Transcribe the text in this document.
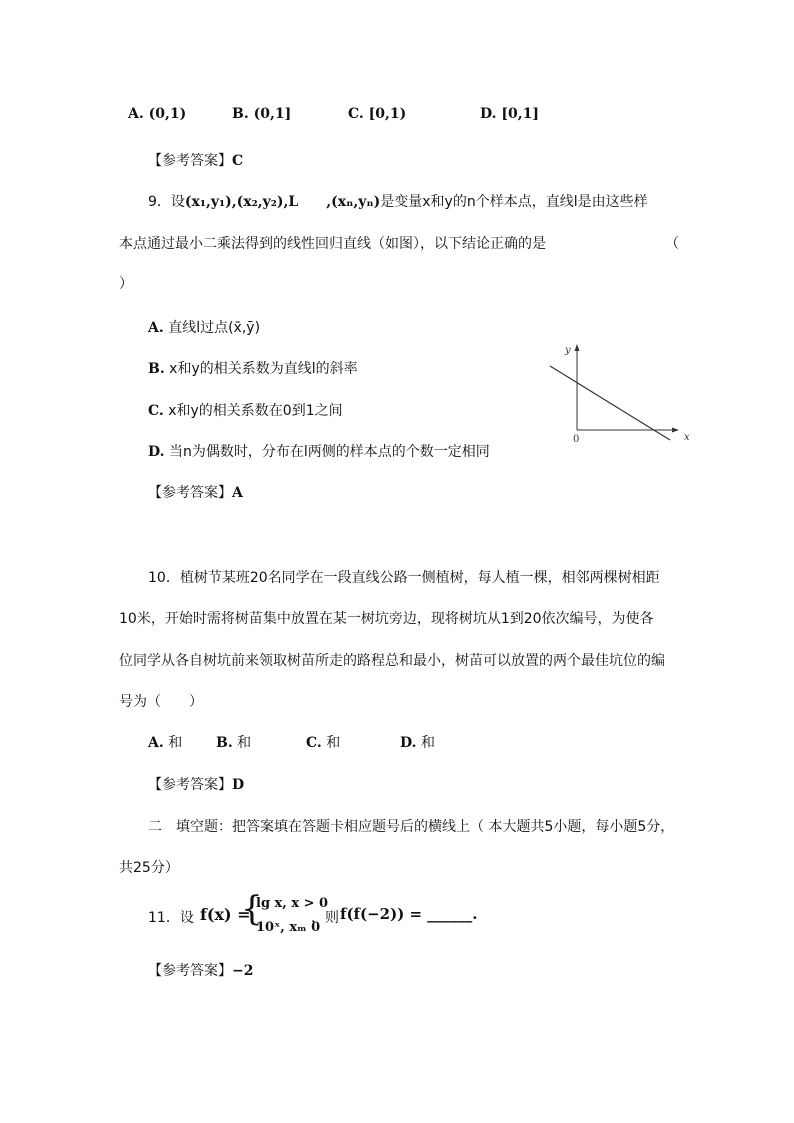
A. (0,1)	B. (0,1]	C. [0,1)	D. [0,1]
【参考答案】C
9．设(x₁,y₁),(x₂,y₂),L　　,(xₙ,yₙ)是变量x和y的n个样本点，直线l是由这些样
本点通过最小二乘法得到的线性回归直线（如图），以下结论正确的是	（
）
A. 直线l过点(x̄,ȳ)
B. x和y的相关系数为直线l的斜率
C. x和y的相关系数在0到1之间
D. 当n为偶数时，分布在l两侧的样本点的个数一定相同
【参考答案】A
y
x
0
10．植树节某班20名同学在一段直线公路一侧植树，每人植一棵，相邻两棵树相距
10米，开始时需将树苗集中放置在某一树坑旁边，现将树坑从1到20依次编号，为使各
位同学从各自树坑前来领取树苗所走的路程总和最小，树苗可以放置的两个最佳坑位的编
号为（　　）
A. 和 B. 和	C. 和	D. 和
【参考答案】D
二　填空题：把答案填在答题卡相应题号后的横线上（ 本大题共5小题，每小题5分，
共25分）
11．设 f(x) =
{
lg x, x > 0
10ˣ, xₘ 0
，则 f(f(−2)) = ______.
【参考答案】−2
